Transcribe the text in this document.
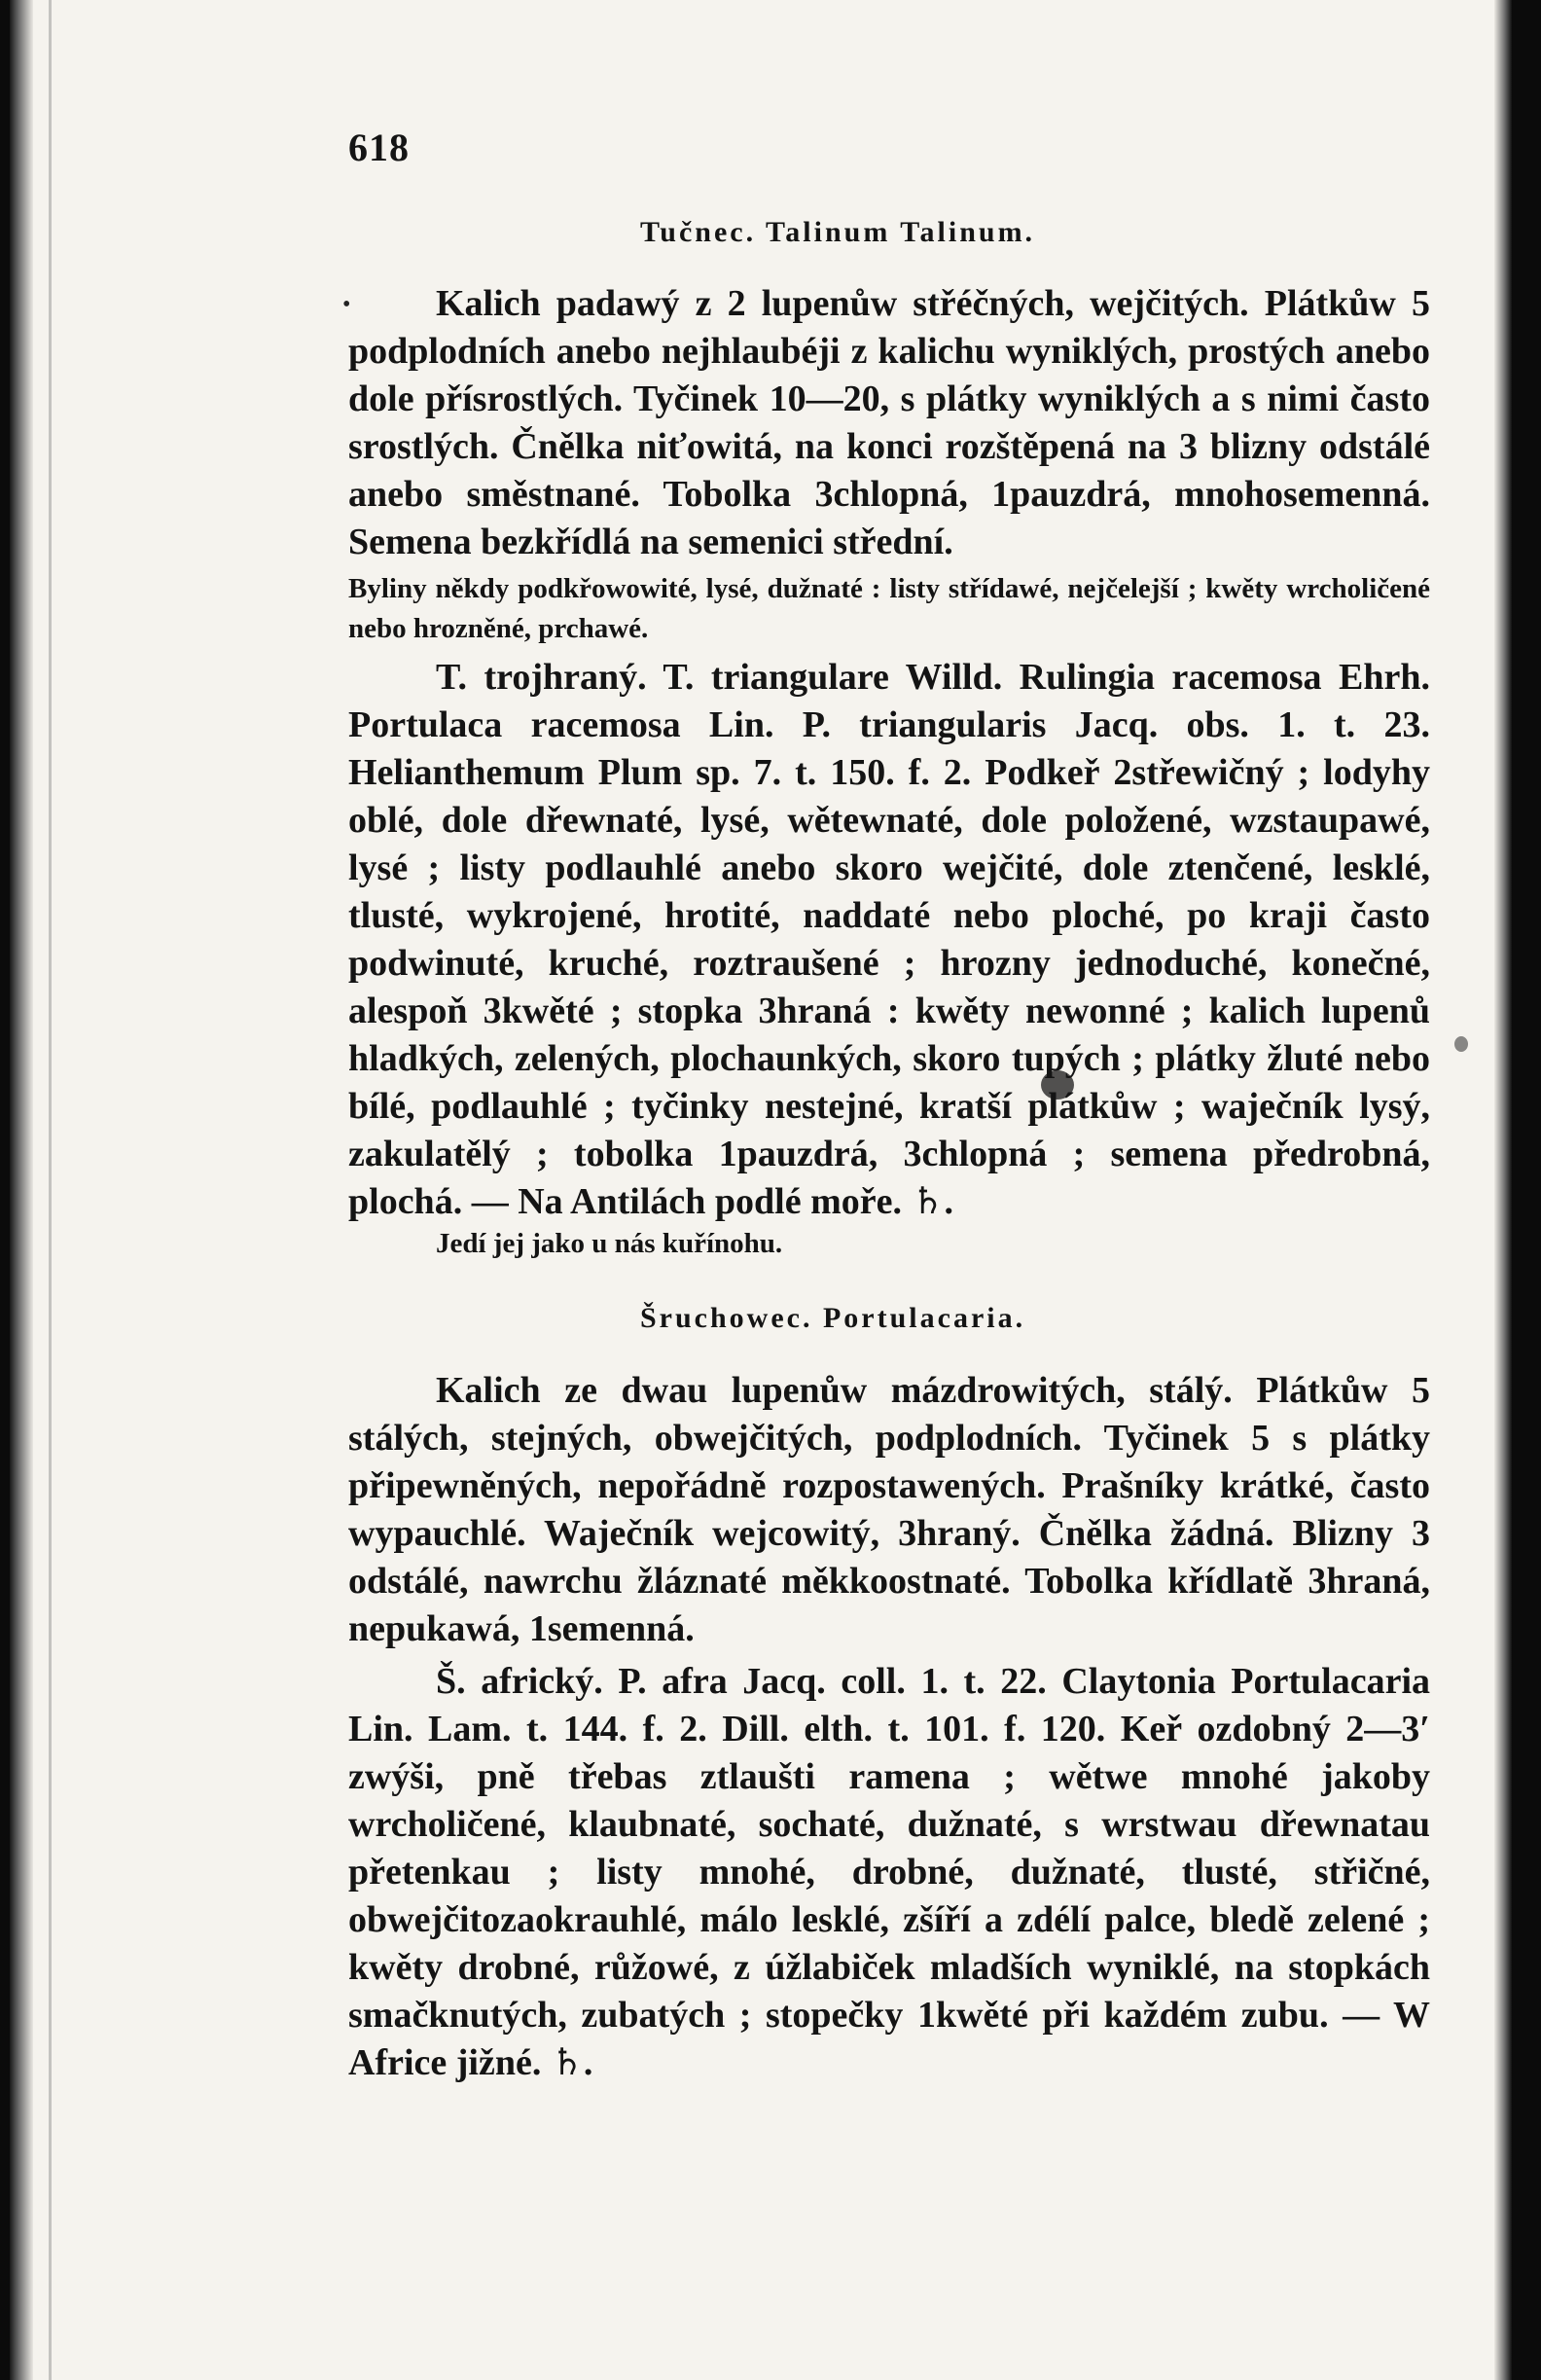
618
Tučnec. Talinum Talinum.
•	Kalich padawý z 2 lupenůw střéčných, wejčitých. Plátkůw 5 podplodních anebo nejhlaubéji z kalichu wyniklých, prostých anebo dole přísrostlých. Tyčinek 10—20, s plátky wyniklých a s nimi často srostlých. Čnělka niťowitá, na konci rozštěpená na 3 blizny odstálé anebo směstnané. Tobolka 3chlopná, 1pauzdrá, mnohosemenná. Semena bezkřídlá na semenici střední.

Byliny někdy podkřowowité, lysé, dužnaté : listy střídawé, nejčelejší ; kwěty wrcholičené nebo hrozněné, prchawé.

T. trojhraný. T. triangulare Willd. Rulingia racemosa Ehrh. Portulaca racemosa Lin. P. triangularis Jacq. obs. 1. t. 23. Helianthemum Plum sp. 7. t. 150. f. 2. Podkeř 2střewičný ; lodyhy oblé, dole dřewnaté, lysé, wětewnaté, dole položené, wzstaupawé, lysé ; listy podlauhlé anebo skoro wejčité, dole ztenčené, lesklé, tlusté, wykrojené, hrotité, naddaté nebo ploché, po kraji často podwinuté, kruché, roztraušené ; hrozny jednoduché, konečné, alespoň 3kwěté ; stopka 3hraná : kwěty newonné ; kalich lupenů hladkých, zelených, plochaunkých, skoro tupých ; plátky žluté nebo bílé, podlauhlé ; tyčinky nestejné, kratší plátkůw ; waječník lysý, zakulatělý ; tobolka 1pauzdrá, 3chlopná ; semena předrobná, plochá. — Na Antilách podlé moře. ♄.

Jedí jej jako u nás kuřínohu.

Šruchowec. Portulacaria.

Kalich ze dwau lupenůw mázdrowitých, stálý. Plátkůw 5 stálých, stejných, obwejčitých, podplodních. Tyčinek 5 s plátky připewněných, nepořádně rozpostawených. Prašníky krátké, často wypauchlé. Waječník wejcowitý, 3hraný. Čnělka žádná. Blizny 3 odstálé, nawrchu žláznaté měkkoostnaté. Tobolka křídlatě 3hraná, nepukawá, 1semenná.

Š. africký. P. afra Jacq. coll. 1. t. 22. Claytonia Portulacaria Lin. Lam. t. 144. f. 2. Dill. elth. t. 101. f. 120. Keř ozdobný 2—3′ zwýši, pně třebas ztlaušti ramena ; wětwe mnohé jakoby wrcholičené, klaubnaté, sochaté, dužnaté, s wrstwau dřewnatau přetenkau ; listy mnohé, drobné, dužnaté, tlusté, střičné, obwejčitozaokrauhlé, málo lesklé, zšíří a zdélí palce, bledě zelené ; kwěty drobné, růžowé, z úžlabiček mladších wyniklé, na stopkách smačknutých, zubatých ; stopečky 1kwěté při každém zubu. — W Africe jižné. ♄.
